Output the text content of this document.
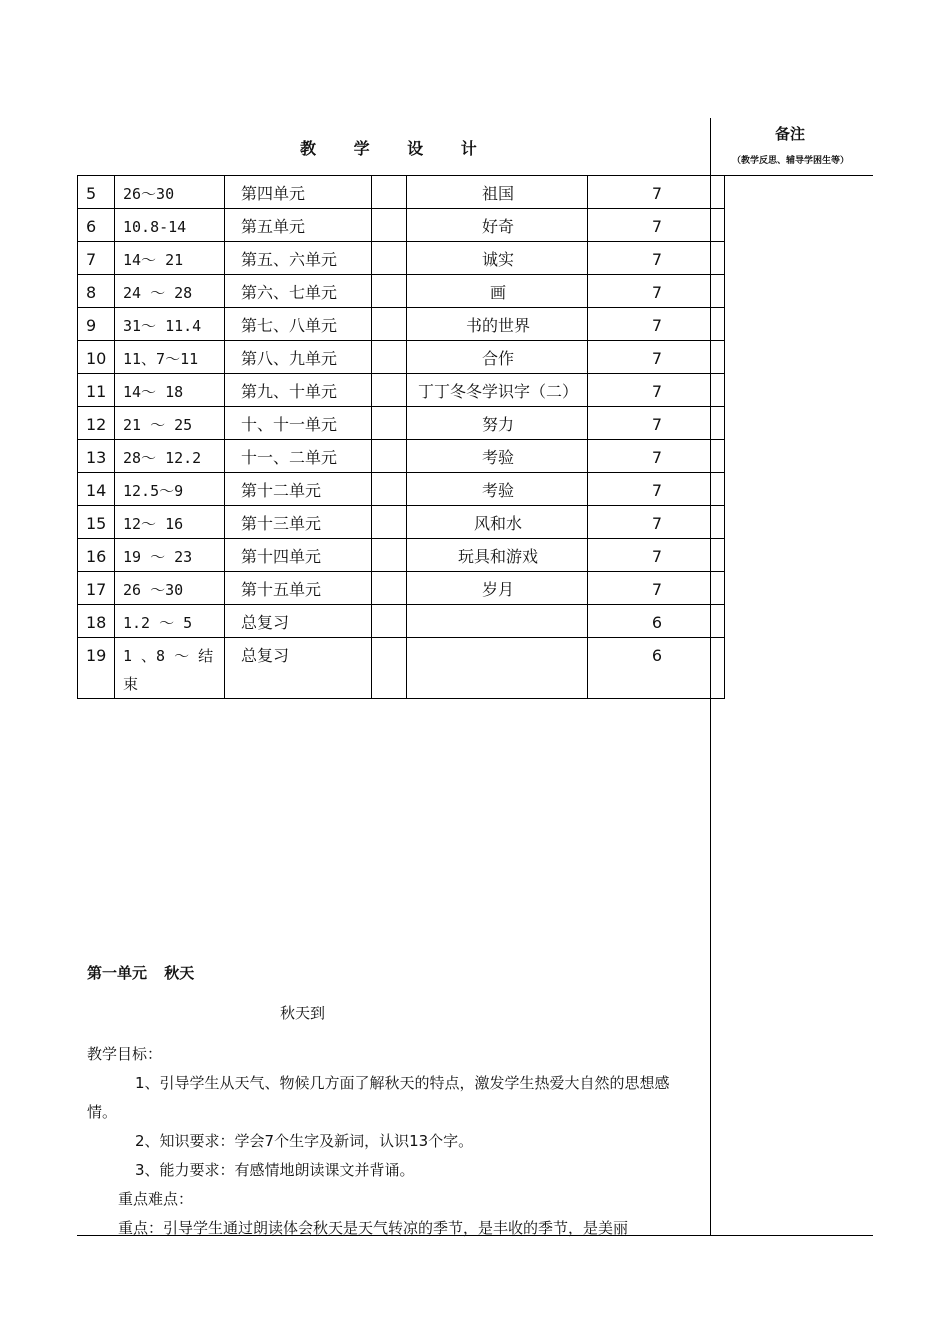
教 学 设 计
备注
（教学反思、辅导学困生等）
5	26～30	第四单元		祖国	7
6	10.8-14	第五单元		好奇	7
7	14～ 21	第五、六单元		诚实	7
8	24 ～ 28	第六、七单元		画	7
9	31～ 11.4	第七、八单元		书的世界	7
10	11、7～11	第八、九单元		合作	7
11	14～ 18	第九、十单元		丁丁冬冬学识字（二）	7
12	21 ～ 25	十、十一单元		努力	7
13	28～ 12.2	十一、二单元		考验	7
14	12.5～9	第十二单元		考验	7
15	12～ 16	第十三单元		风和水	7
16	19 ～ 23	第十四单元		玩具和游戏	7
17	26 ～30	第十五单元		岁月	7
18	1.2 ～ 5	总复习			6
19	1 、8 ～ 结束	总复习			6
第一单元 秋天
秋天到
教学目标：
1、引导学生从天气、物候几方面了解秋天的特点，激发学生热爱大自然的思想感情。
2、知识要求：学会7个生字及新词，认识13个字。
3、能力要求：有感情地朗读课文并背诵。
重点难点：
重点：引导学生通过朗读体会秋天是天气转凉的季节，是丰收的季节，是美丽
